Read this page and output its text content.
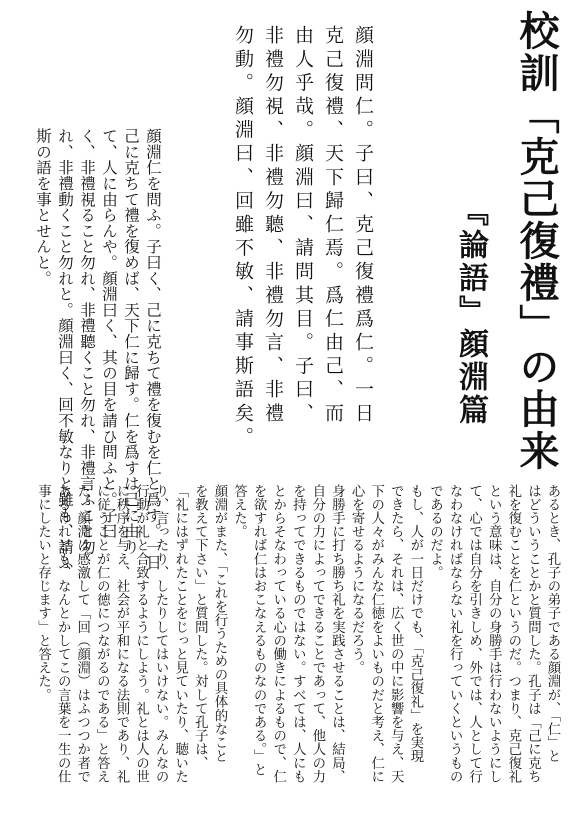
校訓「克己復禮」の由来
『論語』顔淵篇
顔淵問仁。子曰、克己復禮爲仁。一日
克己復禮、天下歸仁焉。爲仁由己、而
由人乎哉。顔淵曰、請問其目。子曰、
非禮勿視、非禮勿聽、非禮勿言、非禮
勿動。顔淵曰、回雖不敏、請事斯語矣。
顔淵仁を問ふ。子曰く、己に克ちて禮を復むを仁と爲す。一日
己に克ちて禮を復めば、天下仁に歸す。仁を爲すは己に由り
て、人に由らんや。顔淵曰く、其の目を請ひ問ふと。子曰
く、非禮視ること勿れ、非禮聽くこと勿れ、非禮言ふこと勿
れ、非禮動くこと勿れと。顔淵曰く、回不敏なりと雖も、請ふ
斯の語を事とせんと。
あるとき、孔子の弟子である顔淵が、「仁」と
はどういうことかと質問した。孔子は「己に克ち
礼を復むことを仁というのだ。つまり、克己復礼
という意味は、自分の身勝手は行わないようにし
て、心では自分を引きしめ、外では、人として行
なわなければならない礼を行っていくというもの
であるのだよ。
もし、人が一日だけでも、「克己復礼」を実現
できたら、それは、広く世の中に影響を与え、天
下の人々がみんな仁徳をよいものだと考え、仁に
心を寄せるようになるだろう。
身勝手に打ち勝ち礼を実践させることは、結局、
自分の力によってできることであって、他人の力
を持ってできるものではない。すべては、人にも
とからそなわっている心の働きによるもので、仁
を欲すれば仁はおこなえるものなのである。」と
答えた。
顔淵がまた、「これを行うための具体的なこと
を教えて下さい」と質問した。対して孔子は、
「礼にはずれたことをじっと見ていたり、聴いた
り、言ったり、したりしてはいけない。みんなの
行動が礼と合致するようにしよう。礼とは人の世
に秩序を与え、社会が平和になる法則であり、礼
に従うことが仁の徳につながるのである」と答え
た。顔淵は感激して「回（顔淵）はふつつか者で
あるけれども、なんとかしてこの言葉を一生の仕
事にしたいと存じます」と答えた。
